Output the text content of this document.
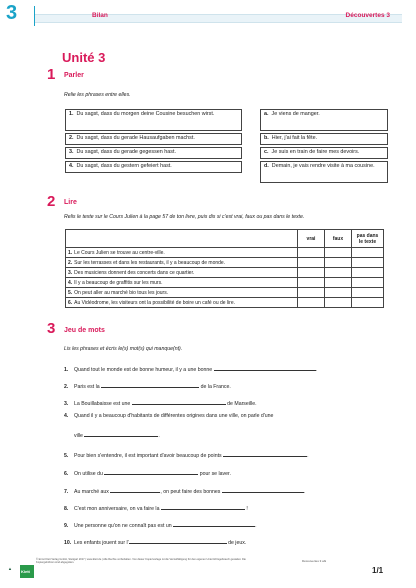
3	Bilan	Découvertes 3
Unité 3
1 Parler
Relie les phrases entre elles.
1. Du sagst, dass du morgen deine Cousine besuchen wirst.
2. Du sagst, dass du gerade Hausaufgaben machst.
3. Du sagst, dass du gerade gegessen hast.
4. Du sagst, dass du gestern gefeiert hast.
a. Je viens de manger.
b. Hier, j'ai fait la fête.
c. Je suis en train de faire mes devoirs.
d. Demain, je vais rendre visite à ma cousine.
2 Lire
Relis le texte sur le Cours Julien à la page 57 de ton livre, puis dis si c'est vrai, faux ou pas dans le texte.
	vrai	faux	pas dans le texte
1. Le Cours Julien se trouve au centre-ville.			
2. Sur les terrasses et dans les restaurants, il y a beaucoup de monde.			
3. Des musiciens donnent des concerts dans ce quartier.			
4. Il y a beaucoup de graffitis sur les murs.			
5. On peut aller au marché bio tous les jours.			
6. Au Vidéodrome, les visiteurs ont la possibilité de boire un café ou de lire.			
3 Jeu de mots
Lis les phrases et écris le(s) mot(s) qui manque(nt).
1. Quand tout le monde est de bonne humeur, il y a une bonne	.
2. Paris est la	de la France.
3. La Bouillabaisse est une	de Marseille.
4. Quand il y a beaucoup d'habitants de différentes origines dans une ville, on parle d'une
ville	.
5. Pour bien s'entendre, il est important d'avoir beaucoup de points	.
6. On utilise du	pour se laver.
7. Au marché aux	, on peut faire des bonnes	.
8. C'est mon anniversaire, on va faire la	!
9. Une personne qu'on ne connaît pas est un	.
10. Les enfants jouent sur l'	de jeux.
▲
Klett
© Ernst Klett Verlag GmbH, Stuttgart 2017 | www.klett.de | Alle Rechte vorbehalten. Von dieser Kopiervorlage ist die Vervielfältigung für den eigenen Unterrichtsgebrauch gestattet. Die Kopiergebühren sind abgegolten.	Découvertes 3 abi
1/1
